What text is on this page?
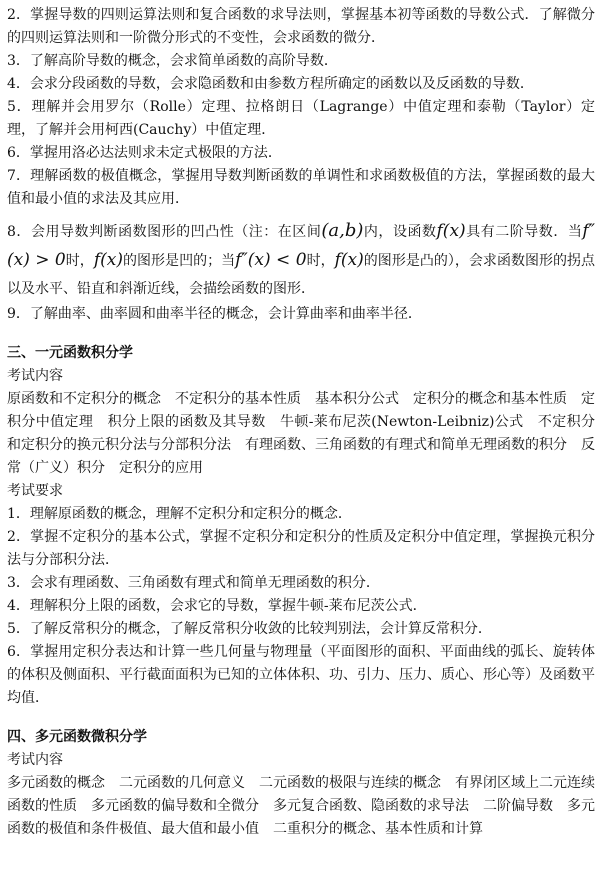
2．掌握导数的四则运算法则和复合函数的求导法则，掌握基本初等函数的导数公式．了解微分的四则运算法则和一阶微分形式的不变性，会求函数的微分．

3．了解高阶导数的概念，会求简单函数的高阶导数．

4．会求分段函数的导数，会求隐函数和由参数方程所确定的函数以及反函数的导数．

5．理解并会用罗尔（Rolle）定理、拉格朗日（Lagrange）中值定理和泰勒（Taylor）定理，了解并会用柯西(Cauchy）中值定理．

6．掌握用洛必达法则求未定式极限的方法．

7．理解函数的极值概念，掌握用导数判断函数的单调性和求函数极值的方法，掌握函数的最大值和最小值的求法及其应用．

8．会用导数判断函数图形的凹凸性（注：在区间(a,b)内，设函数f(x)具有二阶导数．当f″(x) > 0时，f(x)的图形是凹的；当f″(x) < 0时，f(x)的图形是凸的），会求函数图形的拐点以及水平、铅直和斜渐近线，会描绘函数的图形．

9．了解曲率、曲率圆和曲率半径的概念，会计算曲率和曲率半径．

三、一元函数积分学

考试内容

原函数和不定积分的概念　不定积分的基本性质　基本积分公式　定积分的概念和基本性质　定积分中值定理　积分上限的函数及其导数　牛顿-莱布尼茨(Newton-Leibniz)公式　不定积分和定积分的换元积分法与分部积分法　有理函数、三角函数的有理式和简单无理函数的积分　反常（广义）积分　定积分的应用

考试要求

1．理解原函数的概念，理解不定积分和定积分的概念．

2．掌握不定积分的基本公式，掌握不定积分和定积分的性质及定积分中值定理，掌握换元积分法与分部积分法．

3．会求有理函数、三角函数有理式和简单无理函数的积分．

4．理解积分上限的函数，会求它的导数，掌握牛顿-莱布尼茨公式．

5．了解反常积分的概念，了解反常积分收敛的比较判别法，会计算反常积分．

6．掌握用定积分表达和计算一些几何量与物理量（平面图形的面积、平面曲线的弧长、旋转体的体积及侧面积、平行截面面积为已知的立体体积、功、引力、压力、质心、形心等）及函数平均值．

四、多元函数微积分学

考试内容

多元函数的概念　二元函数的几何意义　二元函数的极限与连续的概念　有界闭区域上二元连续函数的性质　多元函数的偏导数和全微分　多元复合函数、隐函数的求导法　二阶偏导数　多元函数的极值和条件极值、最大值和最小值　二重积分的概念、基本性质和计算
